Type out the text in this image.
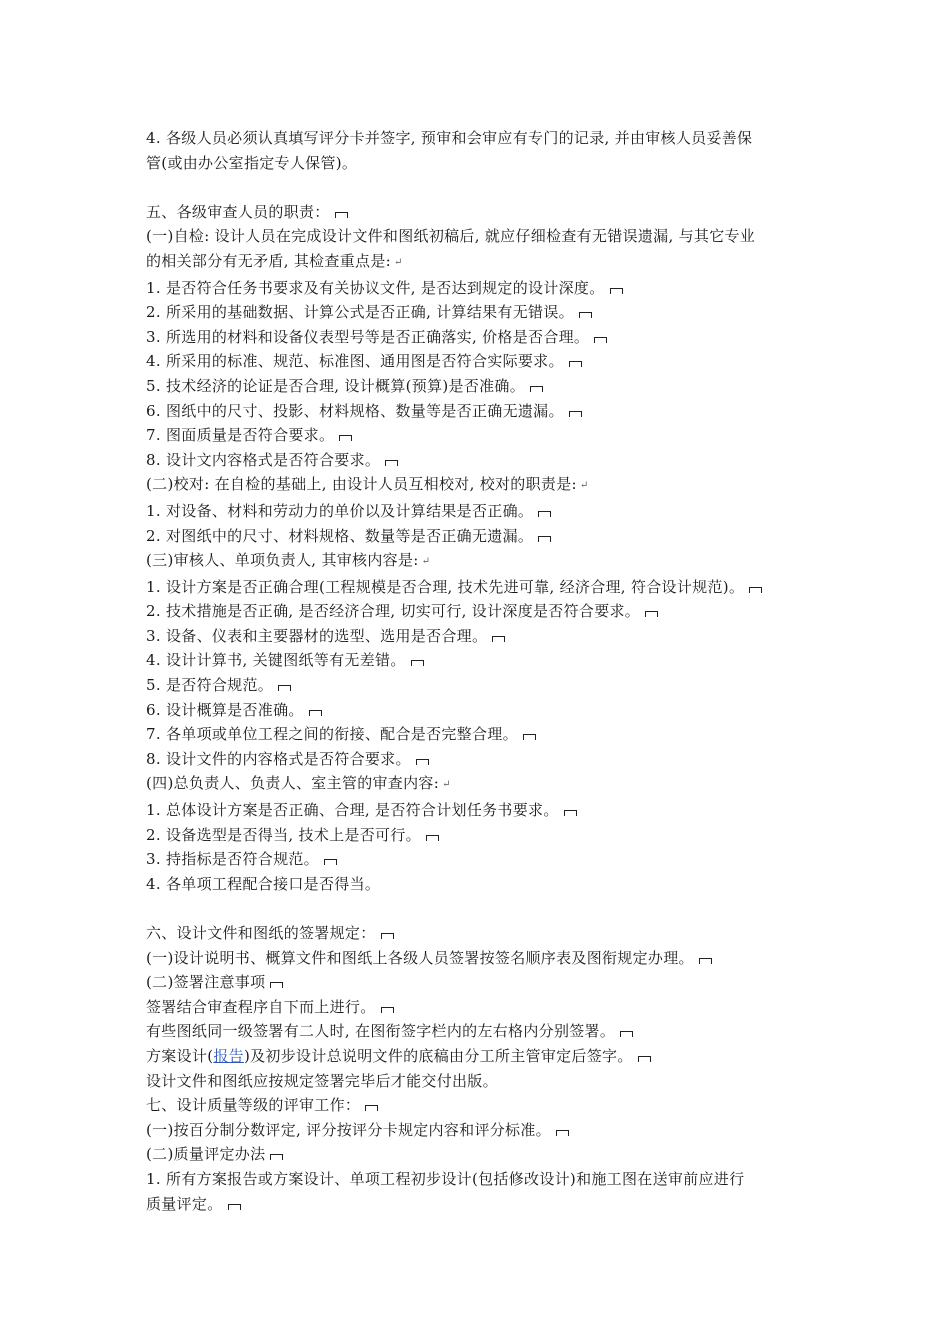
4. 各级人员必须认真填写评分卡并签字, 预审和会审应有专门的记录, 并由审核人员妥善保
管(或由办公室指定专人保管)。
五、各级审查人员的职责：
(一)自检: 设计人员在完成设计文件和图纸初稿后, 就应仔细检查有无错误遗漏, 与其它专业
的相关部分有无矛盾, 其检查重点是: ↵
1. 是否符合任务书要求及有关协议文件, 是否达到规定的设计深度。
2. 所采用的基础数据、计算公式是否正确, 计算结果有无错误。
3. 所选用的材料和设备仪表型号等是否正确落实, 价格是否合理。
4. 所采用的标准、规范、标准图、通用图是否符合实际要求。
5. 技术经济的论证是否合理, 设计概算(预算)是否准确。
6. 图纸中的尺寸、投影、材料规格、数量等是否正确无遗漏。
7. 图面质量是否符合要求。
8. 设计文内容格式是否符合要求。
(二)校对: 在自检的基础上, 由设计人员互相校对, 校对的职责是: ↵
1. 对设备、材料和劳动力的单价以及计算结果是否正确。
2. 对图纸中的尺寸、材料规格、数量等是否正确无遗漏。
(三)审核人、单项负责人, 其审核内容是: ↵
1. 设计方案是否正确合理(工程规模是否合理, 技术先进可靠, 经济合理, 符合设计规范)。
2. 技术措施是否正确, 是否经济合理, 切实可行, 设计深度是否符合要求。
3. 设备、仪表和主要器材的选型、选用是否合理。
4. 设计计算书, 关键图纸等有无差错。
5. 是否符合规范。
6. 设计概算是否准确。
7. 各单项或单位工程之间的衔接、配合是否完整合理。
8. 设计文件的内容格式是否符合要求。
(四)总负责人、负责人、室主管的审查内容: ↵
1. 总体设计方案是否正确、合理, 是否符合计划任务书要求。
2. 设备选型是否得当, 技术上是否可行。
3. 持指标是否符合规范。
4. 各单项工程配合接口是否得当。
六、设计文件和图纸的签署规定：
(一)设计说明书、概算文件和图纸上各级人员签署按签名顺序表及图衔规定办理。
(二)签署注意事项
签署结合审查程序自下而上进行。
有些图纸同一级签署有二人时, 在图衔签字栏内的左右格内分别签署。
方案设计(报告)及初步设计总说明文件的底稿由分工所主管审定后签字。
设计文件和图纸应按规定签署完毕后才能交付出版。
七、设计质量等级的评审工作：
(一)按百分制分数评定, 评分按评分卡规定内容和评分标准。
(二)质量评定办法
1. 所有方案报告或方案设计、单项工程初步设计(包括修改设计)和施工图在送审前应进行
质量评定。
